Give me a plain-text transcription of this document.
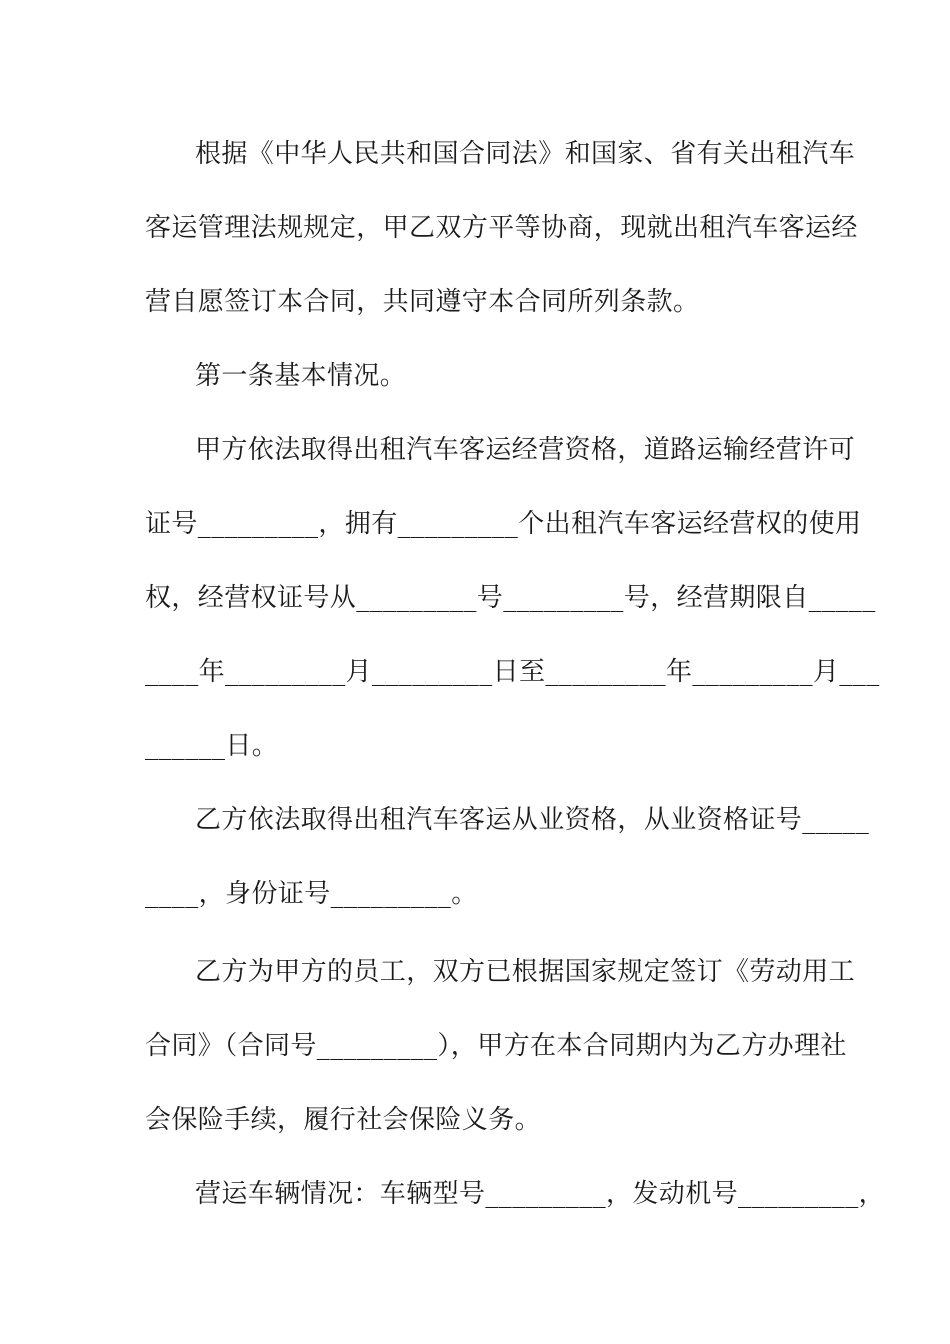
根据《中华人民共和国合同法》和国家、省有关出租汽车
客运管理法规规定，甲乙双方平等协商，现就出租汽车客运经
营自愿签订本合同，共同遵守本合同所列条款。
第一条基本情况。
甲方依法取得出租汽车客运经营资格，道路运输经营许可
证号_________，拥有_________个出租汽车客运经营权的使用
权，经营权证号从_________号_________号，经营期限自_____
____年_________月_________日至_________年_________月___
______日。
乙方依法取得出租汽车客运从业资格，从业资格证号_____
____，身份证号_________。
乙方为甲方的员工，双方已根据国家规定签订《劳动用工
合同》（合同号_________），甲方在本合同期内为乙方办理社
会保险手续，履行社会保险义务。
营运车辆情况：车辆型号_________，发动机号_________，
